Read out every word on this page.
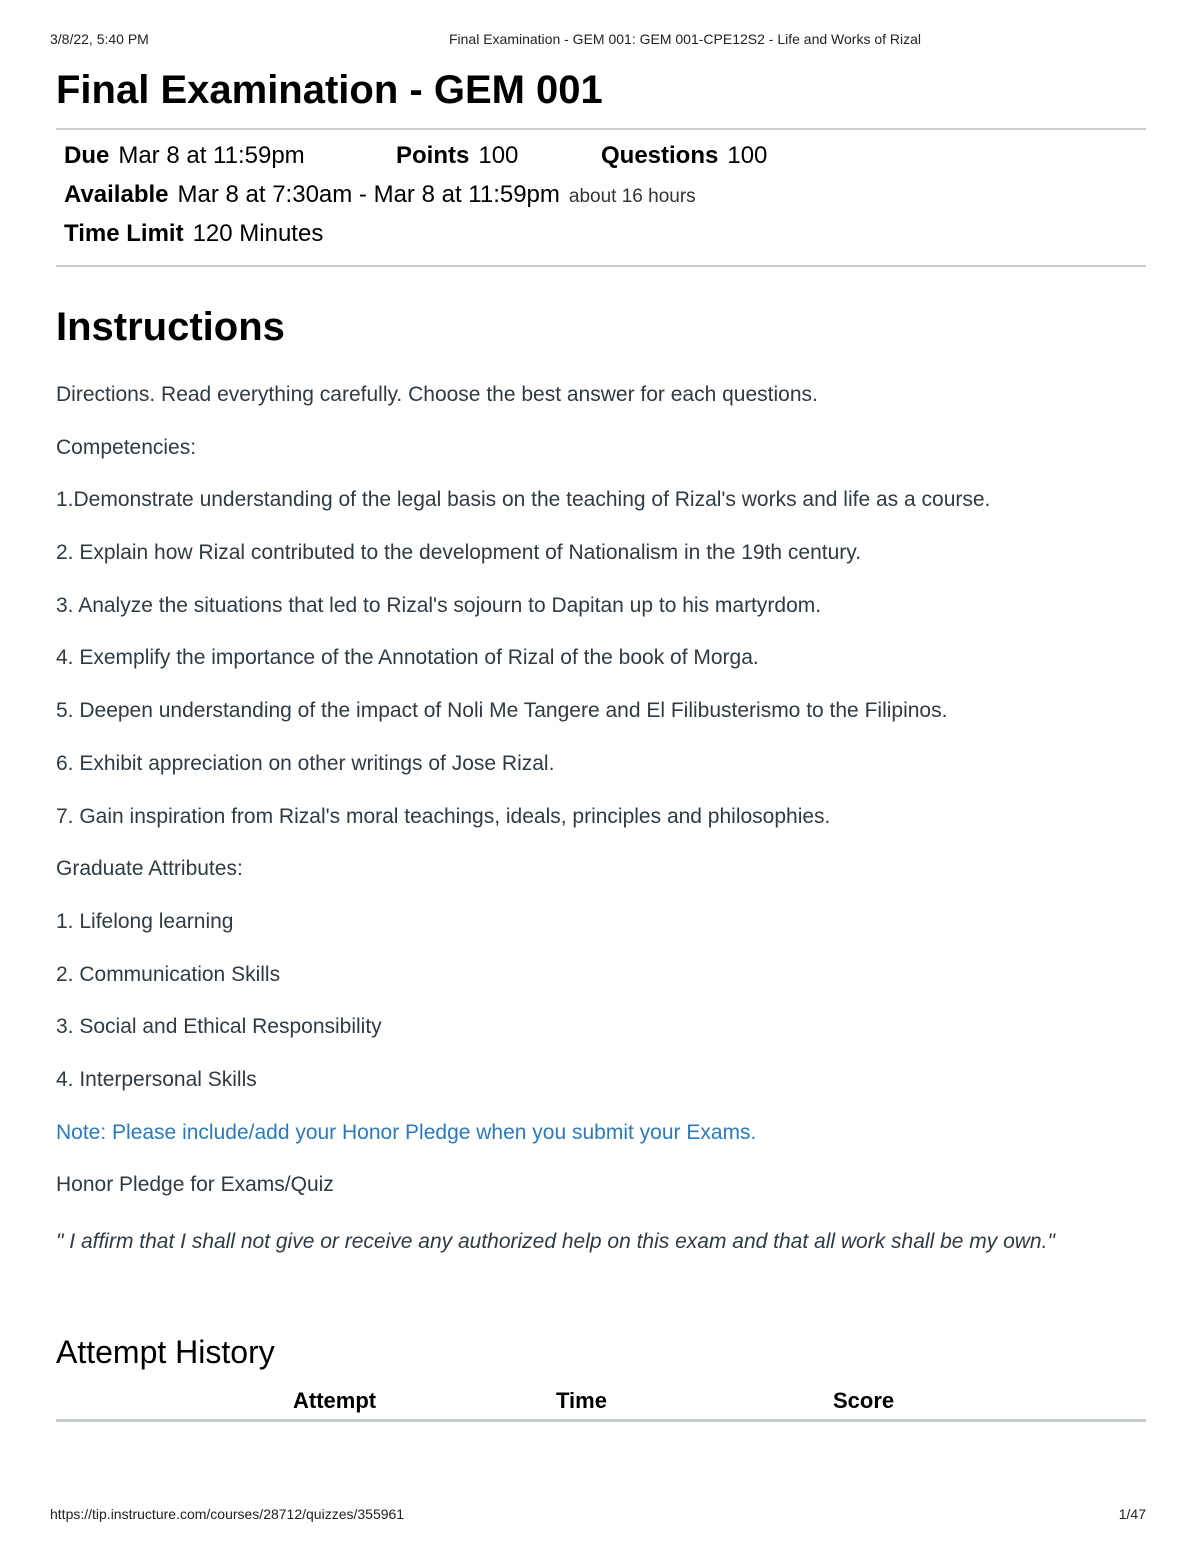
3/8/22, 5:40 PM	Final Examination - GEM 001: GEM 001-CPE12S2 - Life and Works of Rizal
Final Examination - GEM 001
Due Mar 8 at 11:59pm	Points 100	Questions 100
Available Mar 8 at 7:30am - Mar 8 at 11:59pm about 16 hours
Time Limit 120 Minutes
Instructions

Directions. Read everything carefully. Choose the best answer for each questions.

Competencies:

1.Demonstrate understanding of the legal basis on the teaching of Rizal's works and life as a course.

2. Explain how Rizal contributed to the development of Nationalism in the 19th century.

3. Analyze the situations that led to Rizal's sojourn to Dapitan up to his martyrdom.

4. Exemplify the importance of the Annotation of Rizal of the book of Morga.

5. Deepen understanding of the impact of Noli Me Tangere and El Filibusterismo to the Filipinos.

6. Exhibit appreciation on other writings of Jose Rizal.

7. Gain inspiration from Rizal's moral teachings, ideals, principles and philosophies.

Graduate Attributes:

1. Lifelong learning

2. Communication Skills

3. Social and Ethical Responsibility

4. Interpersonal Skills

Note: Please include/add your Honor Pledge when you submit your Exams.

Honor Pledge for Exams/Quiz

" I affirm that I shall not give or receive any authorized help on this exam and that all work shall be my own."

Attempt History
Attempt	Time	Score
https://tip.instructure.com/courses/28712/quizzes/355961	1/47
